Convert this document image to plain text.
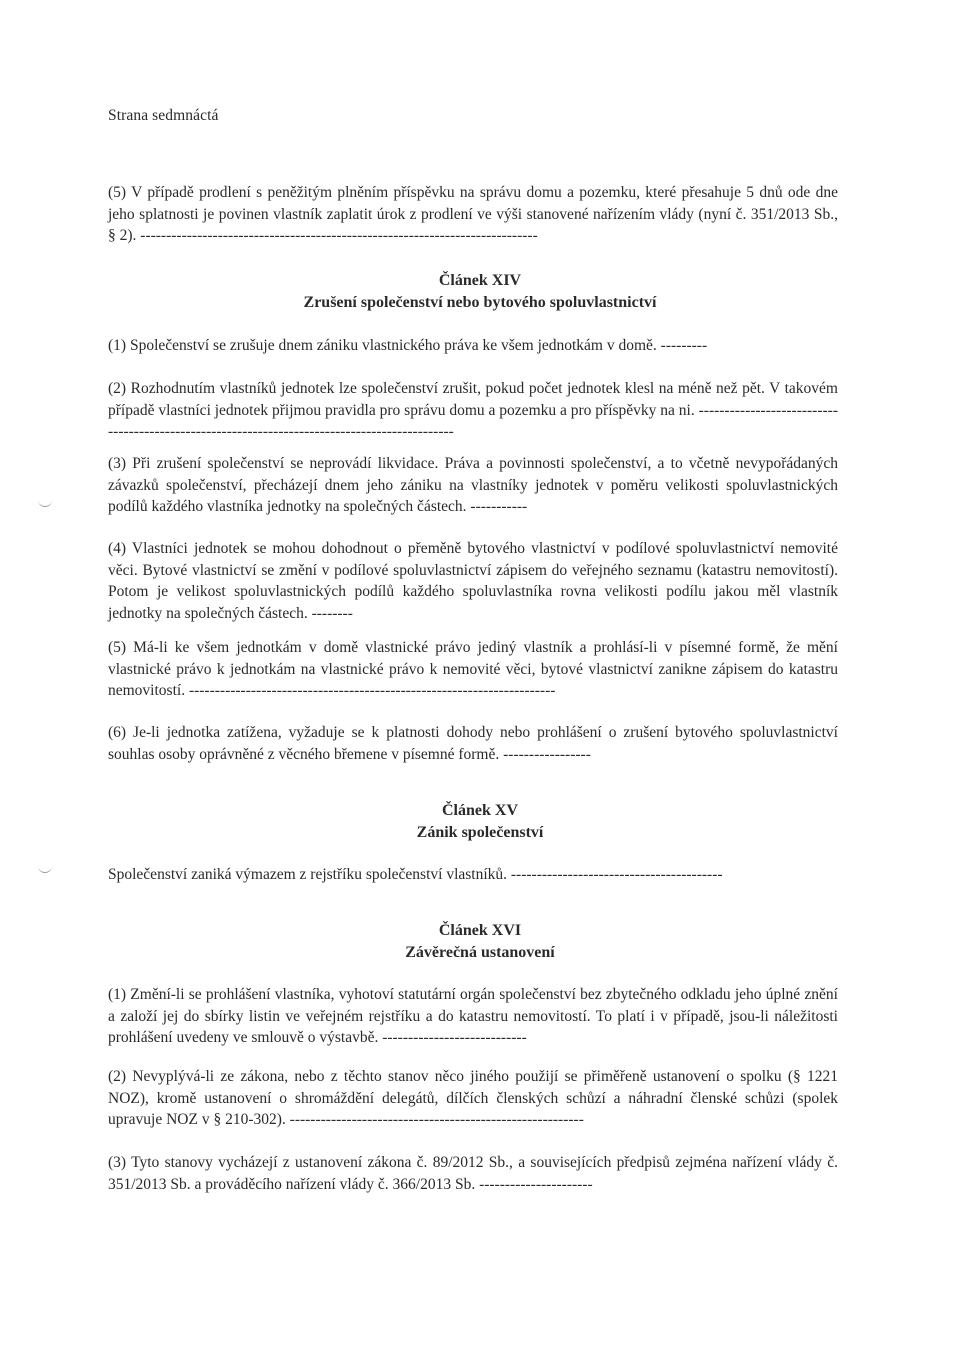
Strana sedmnáctá

(5) V případě prodlení s peněžitým plněním příspěvku na správu domu a pozemku, které přesahuje 5 dnů ode dne jeho splatnosti je povinen vlastník zaplatit úrok z prodlení ve výši stanovené nařízením vlády (nyní č. 351/2013 Sb., § 2). -----------------------------------------------------------------------------

Článek XIV
Zrušení společenství nebo bytového spoluvlastnictví

(1) Společenství se zrušuje dnem zániku vlastnického práva ke všem jednotkám v domě. ---------

(2) Rozhodnutím vlastníků jednotek lze společenství zrušit, pokud počet jednotek klesl na méně než pět. V takovém případě vlastníci jednotek přijmou pravidla pro správu domu a pozemku a pro příspěvky na ni. ----------------------------------------------------------------------------------------------

(3) Při zrušení společenství se neprovádí likvidace. Práva a povinnosti společenství, a to včetně nevypořádaných závazků společenství, přecházejí dnem jeho zániku na vlastníky jednotek v poměru velikosti spoluvlastnických podílů každého vlastníka jednotky na společných částech. -----------

(4) Vlastníci jednotek se mohou dohodnout o přeměně bytového vlastnictví v podílové spoluvlastnictví nemovité věci. Bytové vlastnictví se změní v podílové spoluvlastnictví zápisem do veřejného seznamu (katastru nemovitostí). Potom je velikost spoluvlastnických podílů každého spoluvlastníka rovna velikosti podílu jakou měl vlastník jednotky na společných částech. --------

(5) Má-li ke všem jednotkám v domě vlastnické právo jediný vlastník a prohlásí-li v písemné formě, že mění vlastnické právo k jednotkám na vlastnické právo k nemovité věci, bytové vlastnictví zanikne zápisem do katastru nemovitostí. -----------------------------------------------------------------------

(6) Je-li jednotka zatížena, vyžaduje se k platnosti dohody nebo prohlášení o zrušení bytového spoluvlastnictví souhlas osoby oprávněné z věcného břemene v písemné formě. -----------------

Článek XV
Zánik společenství

Společenství zaniká výmazem z rejstříku společenství vlastníků. -----------------------------------------

Článek XVI
Závěrečná ustanovení

(1) Změní-li se prohlášení vlastníka, vyhotoví statutární orgán společenství bez zbytečného odkladu jeho úplné znění a založí jej do sbírky listin ve veřejném rejstříku a do katastru nemovitostí. To platí i v případě, jsou-li náležitosti prohlášení uvedeny ve smlouvě o výstavbě. ----------------------------

(2) Nevyplývá-li ze zákona, nebo z těchto stanov něco jiného použijí se přiměřeně ustanovení o spolku (§ 1221 NOZ), kromě ustanovení o shromáždění delegátů, dílčích členských schůzí a náhradní členské schůzi (spolek upravuje NOZ v § 210-302). ---------------------------------------------------------

(3) Tyto stanovy vycházejí z ustanovení zákona č. 89/2012 Sb., a souvisejících předpisů zejména nařízení vlády č. 351/2013 Sb. a prováděcího nařízení vlády č. 366/2013 Sb. ----------------------
